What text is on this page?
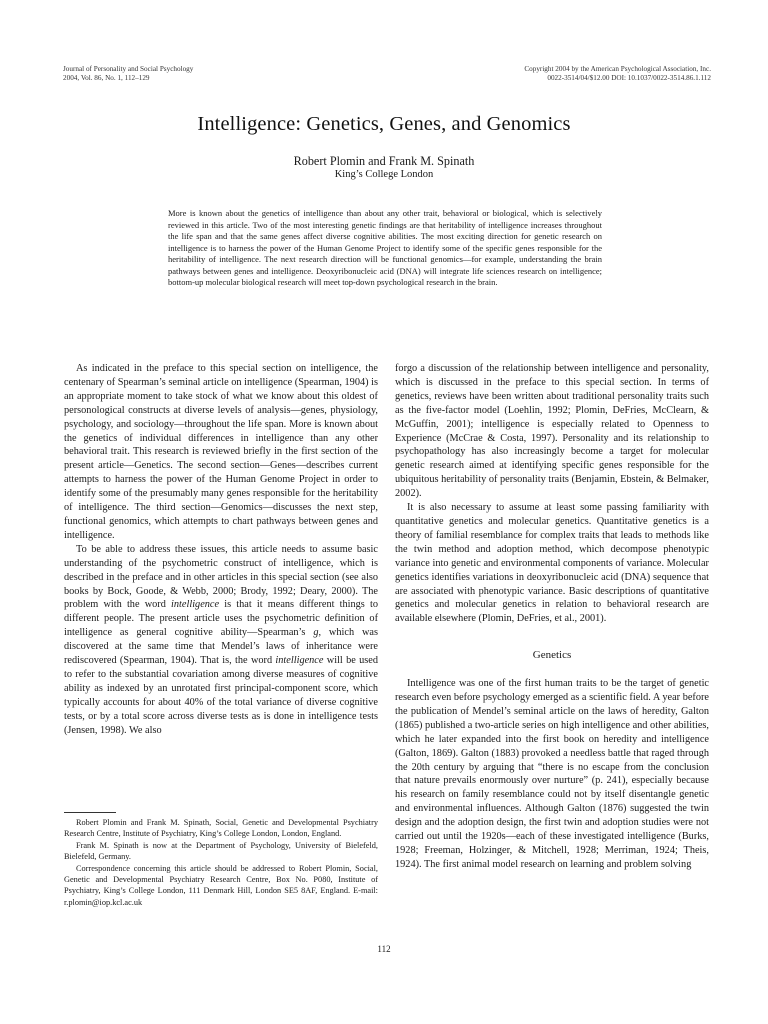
Journal of Personality and Social Psychology
2004, Vol. 86, No. 1, 112–129
Copyright 2004 by the American Psychological Association, Inc.
0022-3514/04/$12.00 DOI: 10.1037/0022-3514.86.1.112
Intelligence: Genetics, Genes, and Genomics
Robert Plomin and Frank M. Spinath
King’s College London

More is known about the genetics of intelligence than about any other trait, behavioral or biological, which is selectively reviewed in this article. Two of the most interesting genetic findings are that heritability of intelligence increases throughout the life span and that the same genes affect diverse cognitive abilities. The most exciting direction for genetic research on intelligence is to harness the power of the Human Genome Project to identify some of the specific genes responsible for the heritability of intelligence. The next research direction will be functional genomics—for example, understanding the brain pathways between genes and intelligence. Deoxyribonucleic acid (DNA) will integrate life sciences research on intelligence; bottom-up molecular biological research will meet top-down psychological research in the brain.

As indicated in the preface to this special section on intelligence, the centenary of Spearman’s seminal article on intelligence (Spearman, 1904) is an appropriate moment to take stock of what we know about this oldest of personological constructs at diverse levels of analysis—genes, physiology, psychology, and sociology—throughout the life span. More is known about the genetics of individual differences in intelligence than any other behavioral trait. This research is reviewed briefly in the first section of the present article—Genetics. The second section—Genes—describes current attempts to harness the power of the Human Genome Project in order to identify some of the presumably many genes responsible for the heritability of intelligence. The third section—Genomics—discusses the next step, functional genomics, which attempts to chart pathways between genes and intelligence.

To be able to address these issues, this article needs to assume basic understanding of the psychometric construct of intelligence, which is described in the preface and in other articles in this special section (see also books by Bock, Goode, & Webb, 2000; Brody, 1992; Deary, 2000). The problem with the word intelligence is that it means different things to different people. The present article uses the psychometric definition of intelligence as general cognitive ability—Spearman’s g, which was discovered at the same time that Mendel’s laws of inheritance were rediscovered (Spearman, 1904). That is, the word intelligence will be used to refer to the substantial covariation among diverse measures of cognitive ability as indexed by an unrotated first principal-component score, which typically accounts for about 40% of the total variance of diverse cognitive tests, or by a total score across diverse tests as is done in intelligence tests (Jensen, 1998). We also

Robert Plomin and Frank M. Spinath, Social, Genetic and Developmental Psychiatry Research Centre, Institute of Psychiatry, King’s College London, London, England.

Frank M. Spinath is now at the Department of Psychology, University of Bielefeld, Bielefeld, Germany.

Correspondence concerning this article should be addressed to Robert Plomin, Social, Genetic and Developmental Psychiatry Research Centre, Box No. P080, Institute of Psychiatry, King’s College London, 111 Denmark Hill, London SE5 8AF, England. E-mail: r.plomin@iop.kcl.ac.uk

forgo a discussion of the relationship between intelligence and personality, which is discussed in the preface to this special section. In terms of genetics, reviews have been written about traditional personality traits such as the five-factor model (Loehlin, 1992; Plomin, DeFries, McClearn, & McGuffin, 2001); intelligence is especially related to Openness to Experience (McCrae & Costa, 1997). Personality and its relationship to psychopathology has also increasingly become a target for molecular genetic research aimed at identifying specific genes responsible for the ubiquitous heritability of personality traits (Benjamin, Ebstein, & Belmaker, 2002).

It is also necessary to assume at least some passing familiarity with quantitative genetics and molecular genetics. Quantitative genetics is a theory of familial resemblance for complex traits that leads to methods like the twin method and adoption method, which decompose phenotypic variance into genetic and environmental components of variance. Molecular genetics identifies variations in deoxyribonucleic acid (DNA) sequence that are associated with phenotypic variance. Basic descriptions of quantitative genetics and molecular genetics in relation to behavioral research are available elsewhere (Plomin, DeFries, et al., 2001).

Genetics

Intelligence was one of the first human traits to be the target of genetic research even before psychology emerged as a scientific field. A year before the publication of Mendel’s seminal article on the laws of heredity, Galton (1865) published a two-article series on high intelligence and other abilities, which he later expanded into the first book on heredity and intelligence (Galton, 1869). Galton (1883) provoked a needless battle that raged through the 20th century by arguing that “there is no escape from the conclusion that nature prevails enormously over nurture” (p. 241), especially because his research on family resemblance could not by itself disentangle genetic and environmental influences. Although Galton (1876) suggested the twin design and the adoption design, the first twin and adoption studies were not carried out until the 1920s—each of these investigated intelligence (Burks, 1928; Freeman, Holzinger, & Mitchell, 1928; Merriman, 1924; Theis, 1924). The first animal model research on learning and problem solving

112
